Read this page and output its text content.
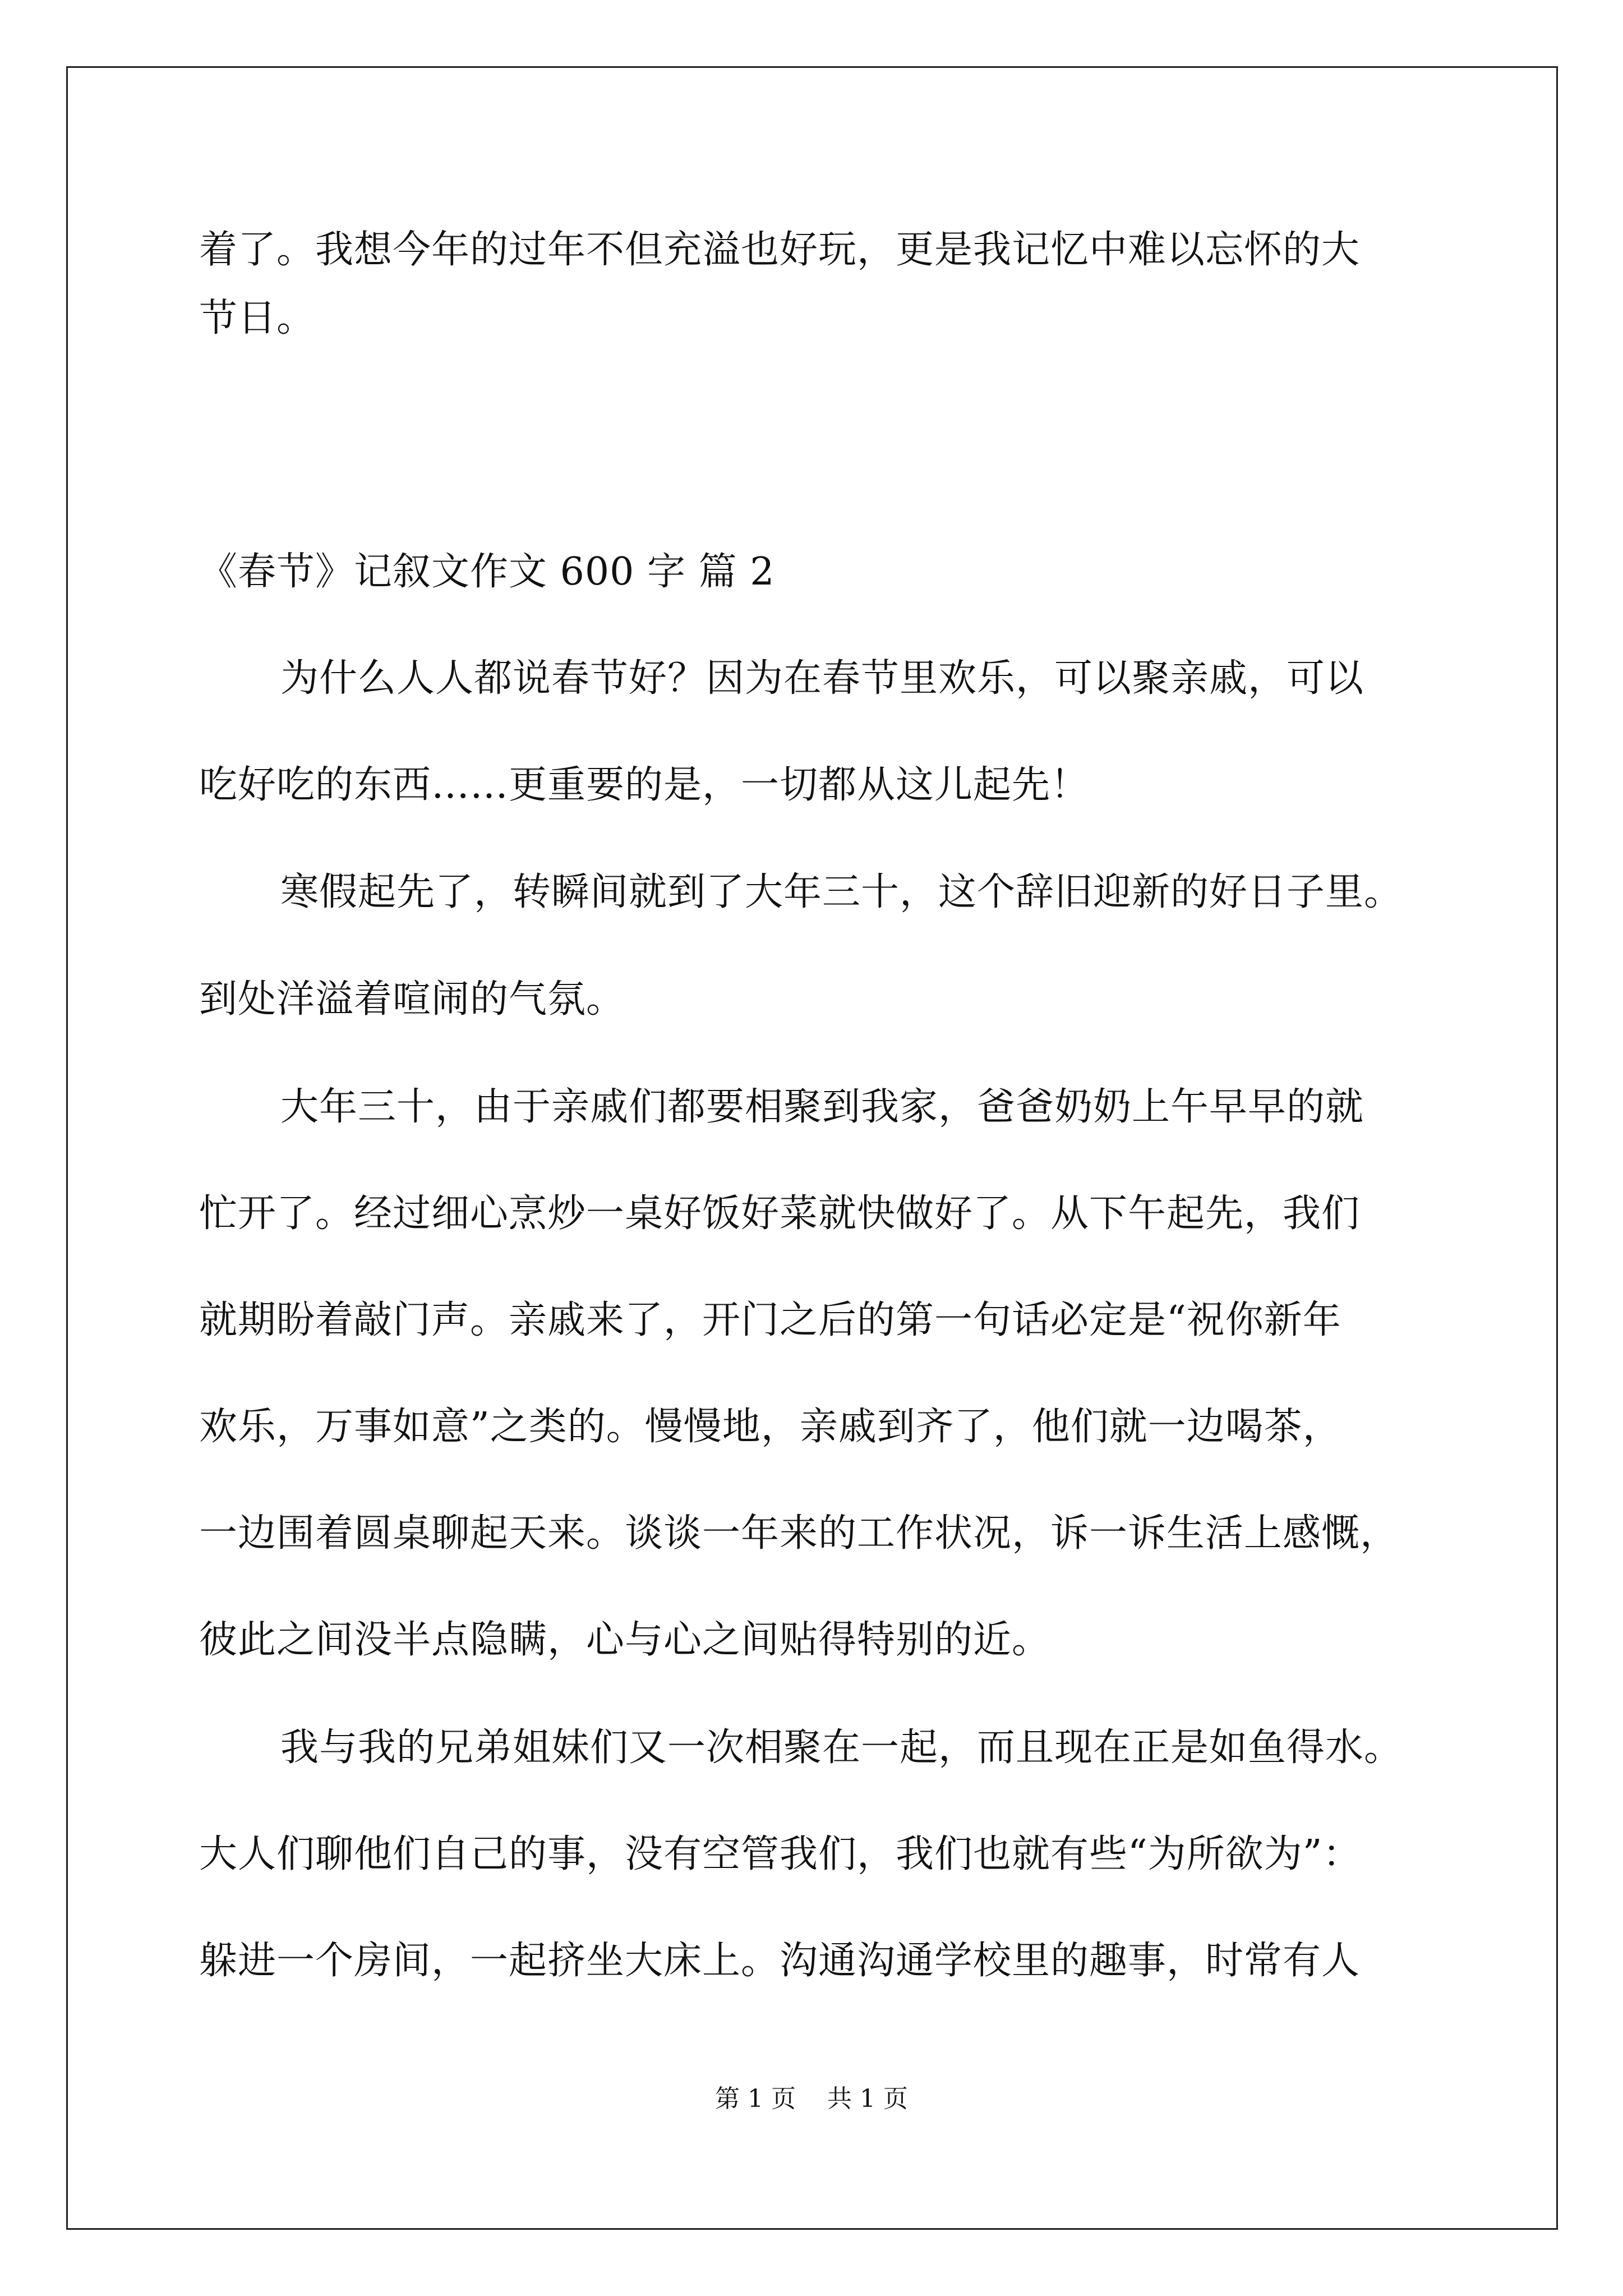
着了。我想今年的过年不但充溢也好玩，更是我记忆中难以忘怀的大
节日。
《春节》记叙文作文 600 字 篇 2
为什么人人都说春节好？因为在春节里欢乐，可以聚亲戚，可以
吃好吃的东西……更重要的是，一切都从这儿起先！
寒假起先了，转瞬间就到了大年三十，这个辞旧迎新的好日子里。
到处洋溢着喧闹的气氛。
大年三十，由于亲戚们都要相聚到我家，爸爸奶奶上午早早的就
忙开了。经过细心烹炒一桌好饭好菜就快做好了。从下午起先，我们
就期盼着敲门声。亲戚来了，开门之后的第一句话必定是“祝你新年
欢乐，万事如意”之类的。慢慢地，亲戚到齐了，他们就一边喝茶，
一边围着圆桌聊起天来。谈谈一年来的工作状况，诉一诉生活上感慨，
彼此之间没半点隐瞒，心与心之间贴得特别的近。
我与我的兄弟姐妹们又一次相聚在一起，而且现在正是如鱼得水。
大人们聊他们自己的事，没有空管我们，我们也就有些“为所欲为”：
躲进一个房间，一起挤坐大床上。沟通沟通学校里的趣事，时常有人
第 1 页    共 1 页
